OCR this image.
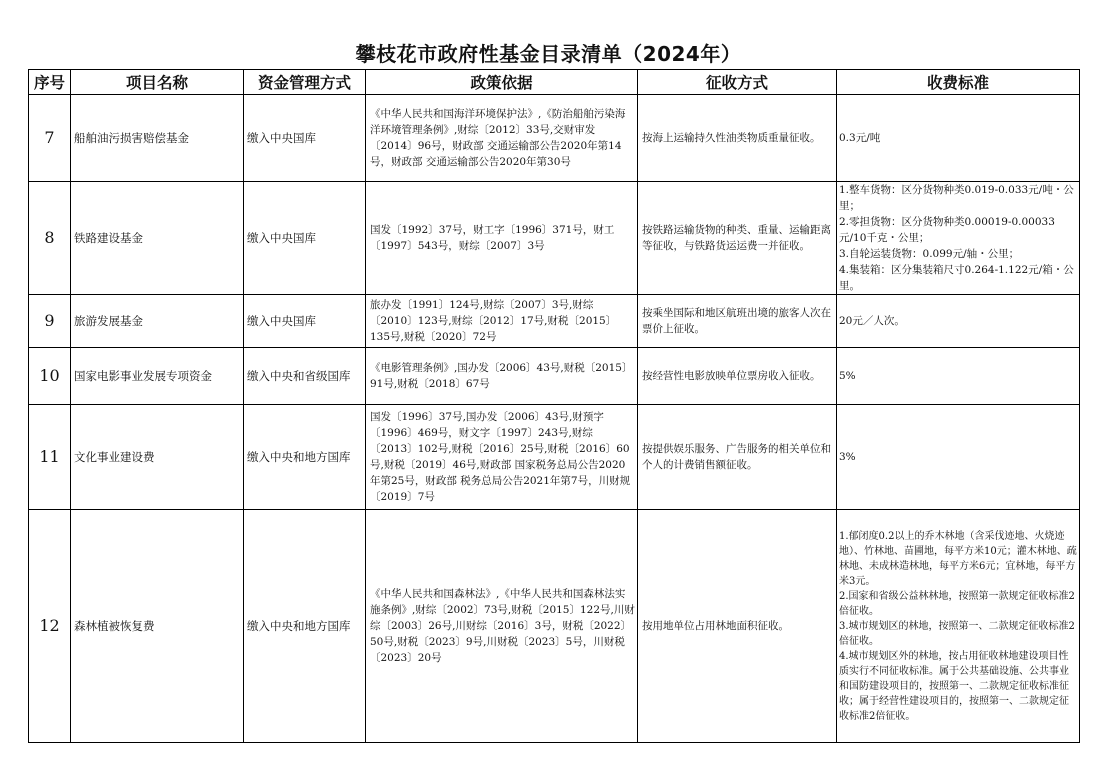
攀枝花市政府性基金目录清单（2024年）
序号	项目名称	资金管理方式	政策依据	征收方式	收费标准
7	船舶油污损害赔偿基金	缴入中央国库	《中华人民共和国海洋环境保护法》,《防治船舶污染海洋环境管理条例》,财综〔2012〕33号,交财审发〔2014〕96号，财政部 交通运输部公告2020年第14号，财政部 交通运输部公告2020年第30号	按海上运输持久性油类物质重量征收。	0.3元/吨
8	铁路建设基金	缴入中央国库	国发〔1992〕37号，财工字〔1996〕371号，财工〔1997〕543号，财综〔2007〕3号	按铁路运输货物的种类、重量、运输距离等征收，与铁路货运运费一并征收。	1.整车货物：区分货物种类0.019-0.033元/吨・公里；
2.零担货物：区分货物种类0.00019-0.00033元/10千克・公里；
3.自轮运装货物：0.099元/轴・公里；
4.集装箱：区分集装箱尺寸0.264-1.122元/箱・公里。
9	旅游发展基金	缴入中央国库	旅办发〔1991〕124号,财综〔2007〕3号,财综〔2010〕123号,财综〔2012〕17号,财税〔2015〕135号,财税〔2020〕72号	按乘坐国际和地区航班出境的旅客人次在票价上征收。	20元／人次。
10	国家电影事业发展专项资金	缴入中央和省级国库	《电影管理条例》,国办发〔2006〕43号,财税〔2015〕91号,财税〔2018〕67号	按经营性电影放映单位票房收入征收。	5%
11	文化事业建设费	缴入中央和地方国库	国发〔1996〕37号,国办发〔2006〕43号,财预字〔1996〕469号，财文字〔1997〕243号,财综〔2013〕102号,财税〔2016〕25号,财税〔2016〕60号,财税〔2019〕46号,财政部 国家税务总局公告2020年第25号，财政部 税务总局公告2021年第7号，川财规〔2019〕7号	按提供娱乐服务、广告服务的相关单位和个人的计费销售额征收。	3%
12	森林植被恢复费	缴入中央和地方国库	《中华人民共和国森林法》,《中华人民共和国森林法实施条例》,财综〔2002〕73号,财税〔2015〕122号,川财综〔2003〕26号,川财综〔2016〕3号，财税〔2022〕50号,财税〔2023〕9号,川财税〔2023〕5号，川财税〔2023〕20号	按用地单位占用林地面积征收。	1.郁闭度0.2以上的乔木林地（含采伐迹地、火烧迹地）、竹林地、苗圃地，每平方米10元；灌木林地、疏林地、未成林造林地，每平方米6元；宜林地，每平方米3元。
2.国家和省级公益林林地，按照第一款规定征收标准2倍征收。
3.城市规划区的林地，按照第一、二款规定征收标准2倍征收。
4.城市规划区外的林地，按占用征收林地建设项目性质实行不同征收标准。属于公共基础设施、公共事业和国防建设项目的，按照第一、二款规定征收标准征收；属于经营性建设项目的，按照第一、二款规定征收标准2倍征收。
